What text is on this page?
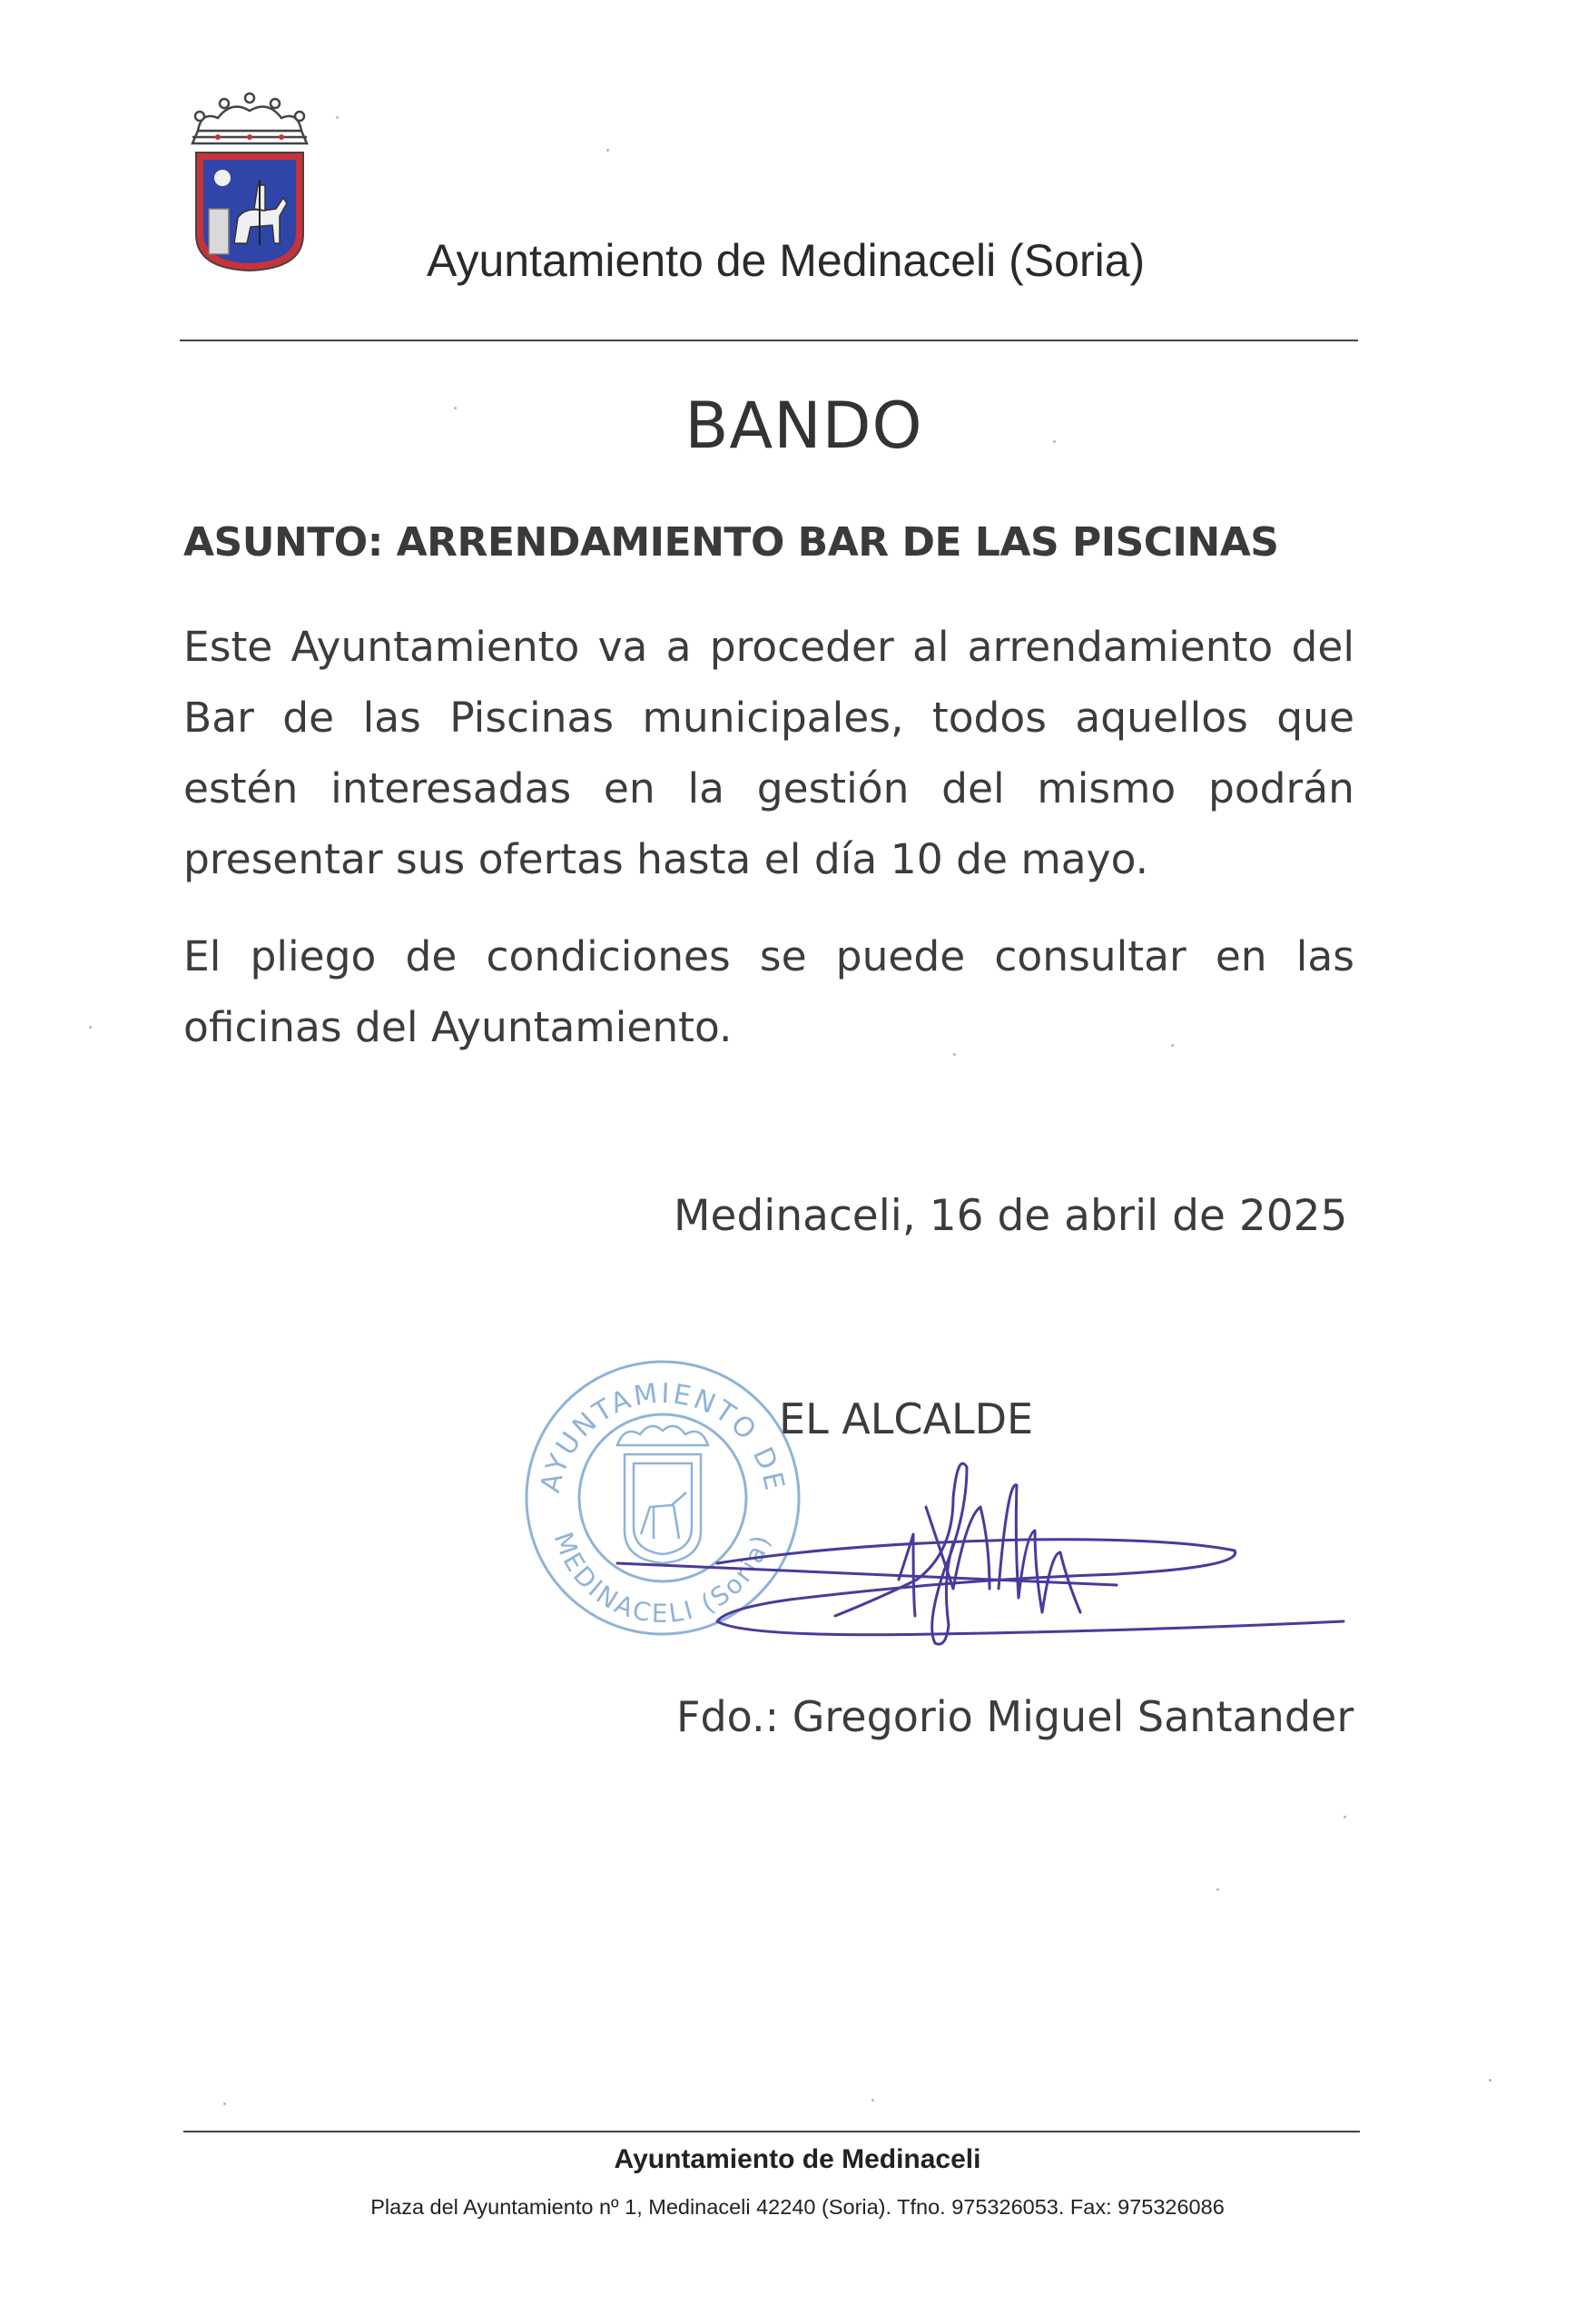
Ayuntamiento de Medinaceli (Soria)
BANDO
ASUNTO: ARRENDAMIENTO BAR DE LAS PISCINAS
Este Ayuntamiento va a proceder al arrendamiento del Bar de las Piscinas municipales, todos aquellos que estén interesadas en la gestión del mismo podrán presentar sus ofertas hasta el día 10 de mayo.
El pliego de condiciones se puede consultar en las oficinas del Ayuntamiento.
Medinaceli, 16 de abril de 2025
AYUNTAMIENTO DE
MEDINACELI (Soria)
EL ALCALDE
Fdo.: Gregorio Miguel Santander
Ayuntamiento de Medinaceli
Plaza del Ayuntamiento nº 1, Medinaceli 42240 (Soria). Tfno. 975326053. Fax: 975326086
